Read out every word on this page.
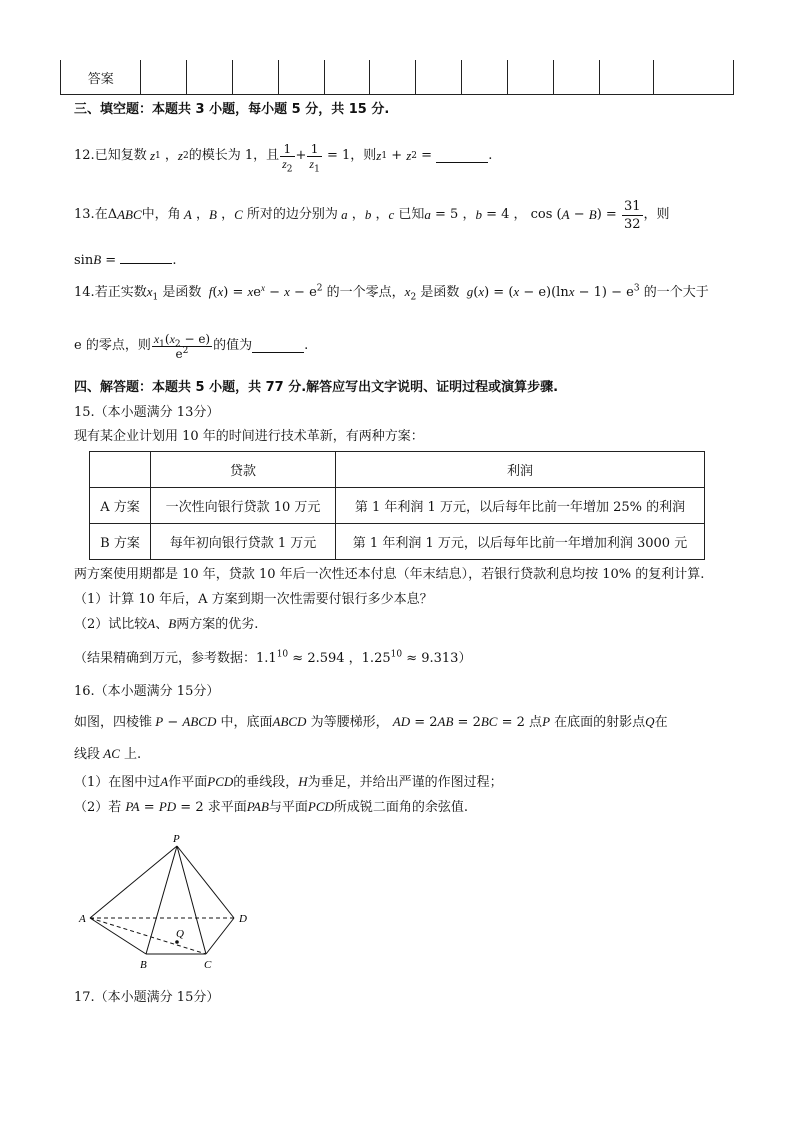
答案												
三、填空题：本题共 3 小题，每小题 5 分，共 15 分.
12. 已知复数 z 1 ， z 2 的模长为 1，且 $\frac{1}{z_2} + \frac{1}{z_1} = 1$ ，则 z 1 + z 2 =	.
13. 在Δ ABC 中，角 A ， B ， C
所对的边分别为 a ， b ， c
已知 a = 5 ， b = 4 ， cos ( A − B ) = $\frac{31}{32}$ ，则
sinB =	.
14.若正实数$x_1$ 是函数  $f(x) = xe^x - x - e^2$ 的一个零点，$x_2$ 是函数  $g(x) = (x - e)(\ln x - 1) - e^3$ 的一个大于
e 的零点，则 $\frac{x_1(x_2 - e)}{e^2}$ 的值为	.
四、解答题：本题共 5 小题，共 77 分.解答应写出文字说明、证明过程或演算步骤.
15.（本小题满分 13分）
现有某企业计划用 10 年的时间进行技术革新，有两种方案：
	贷款	利润
A 方案	一次性向银行贷款 10 万元	第 1 年利润 1 万元，以后每年比前一年增加 25% 的利润
B 方案	每年初向银行贷款 1 万元	第 1 年利润 1 万元，以后每年比前一年增加利润 3000 元
两方案使用期都是 10 年，贷款 10 年后一次性还本付息（年末结息），若银行贷款利息均按 10% 的复利计算.
（1）计算 10 年后，A 方案到期一次性需要付银行多少本息？
（2）试比较A、B两方案的优劣.
（结果精确到万元，参考数据：$1.1^{10} \approx 2.594$ ，$1.25^{10} \approx 9.313$）
16.（本小题满分 15分）
如图，四棱锥 P − ABCD 中，底面ABCD 为等腰梯形， AD = 2AB = 2BC = 2 点P 在底面的射影点Q在
线段 AC 上.
（1）在图中过A作平面PCD的垂线段，H为垂足，并给出严谨的作图过程；
（2）若 PA = PD = 2 求平面PAB与平面PCD所成锐二面角的余弦值.
P
A	D
B	C
Q
17.（本小题满分 15分）
